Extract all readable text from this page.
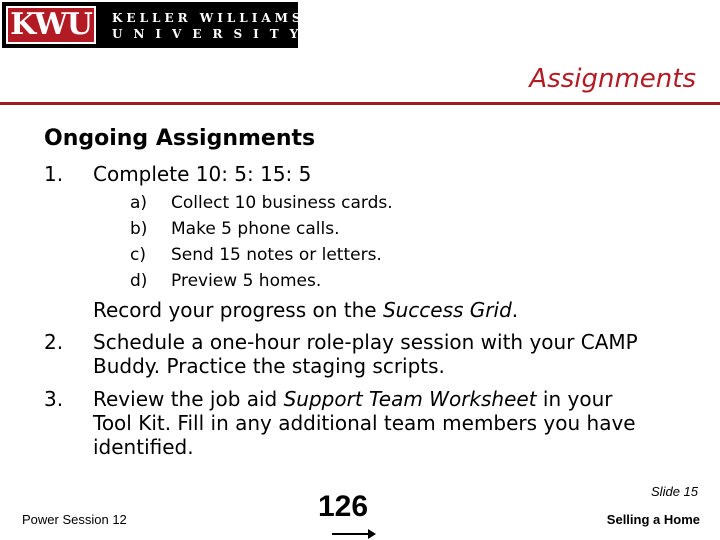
KWU	KELLER WILLIAMS
UNIVERSITY
Assignments
Ongoing Assignments
1. Complete 10: 5: 15: 5
a) Collect 10 business cards.
b) Make 5 phone calls.
c) Send 15 notes or letters.
d) Preview 5 homes.
Record your progress on the Success Grid.
2. Schedule a one-hour role-play session with your CAMP Buddy. Practice the staging scripts.
3. Review the job aid Support Team Worksheet in your Tool Kit. Fill in any additional team members you have identified.
Power Session 12	126	Slide 15
Selling a Home
